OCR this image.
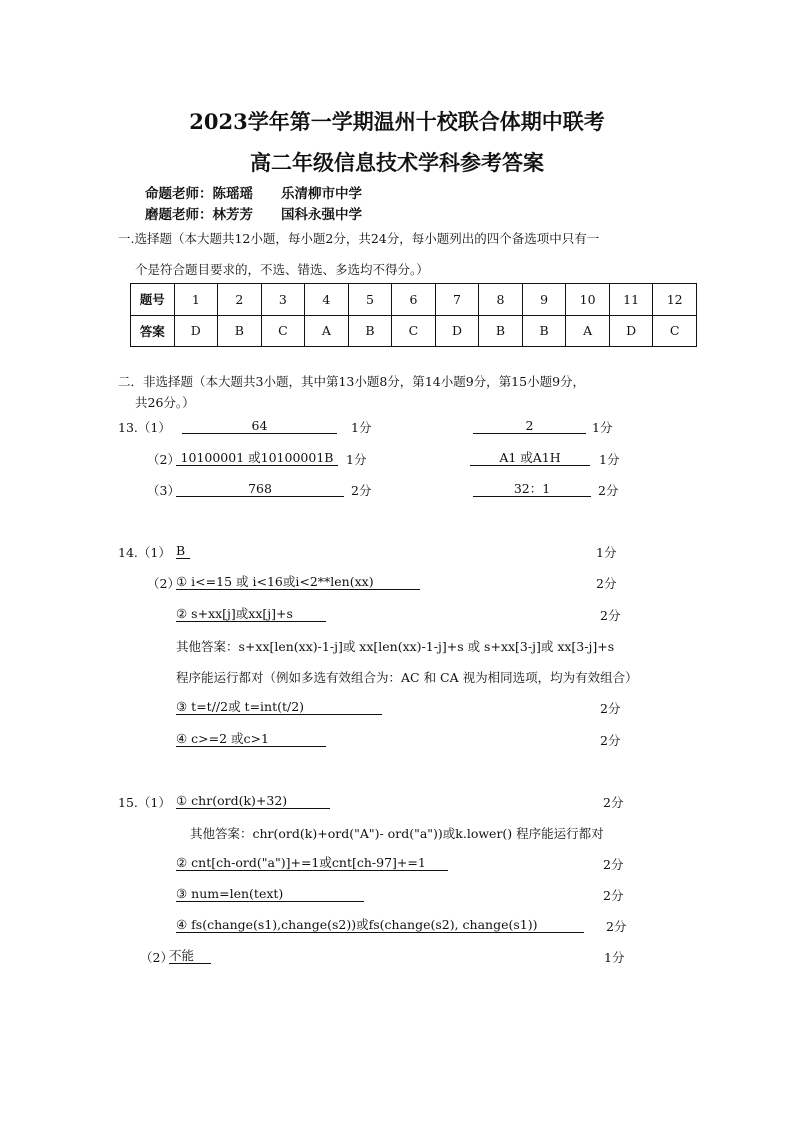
2023学年第一学期温州十校联合体期中联考
高二年级信息技术学科参考答案
命题老师：陈瑶瑶 乐清柳市中学
磨题老师：林芳芳 国科永强中学
一.选择题（本大题共12小题，每小题2分，共24分，每小题列出的四个备选项中只有一
个是符合题目要求的，不选、错选、多选均不得分。）
题号	1	2	3	4	5	6	7	8	9	10	11	12
答案	D	B	C	A	B	C	D	B	B	A	D	C
二．非选择题（本大题共3小题，其中第13小题8分，第14小题9分，第15小题9分，
共26分。）
13.（1）	64	1分	2	1分
（2） 10100001 或10100001B	1分	A1 或A1H	1分
（3）	768	2分	32：1	2分
14.（1） B	1分
（2）
① i<=15 或 i<16或i<2**len(xx)	2分
② s+xx[j]或xx[j]+s	2分
其他答案：s+xx[len(xx)-1-j]或 xx[len(xx)-1-j]+s 或 s+xx[3-j]或 xx[3-j]+s
程序能运行都对（例如多选有效组合为：AC 和 CA 视为相同选项，均为有效组合）
③ t=t//2或 t=int(t/2)	2分
④ c>=2 或c>1	2分
15.（1） ① chr(ord(k)+32)	2分
其他答案：chr(ord(k)+ord("A")- ord("a"))或k.lower() 程序能运行都对
② cnt[ch-ord("a")]+=1或cnt[ch-97]+=1	2分
③ num=len(text)	2分
④ fs(change(s1),change(s2))或fs(change(s2), change(s1))	2分
（2）
不能	1分
